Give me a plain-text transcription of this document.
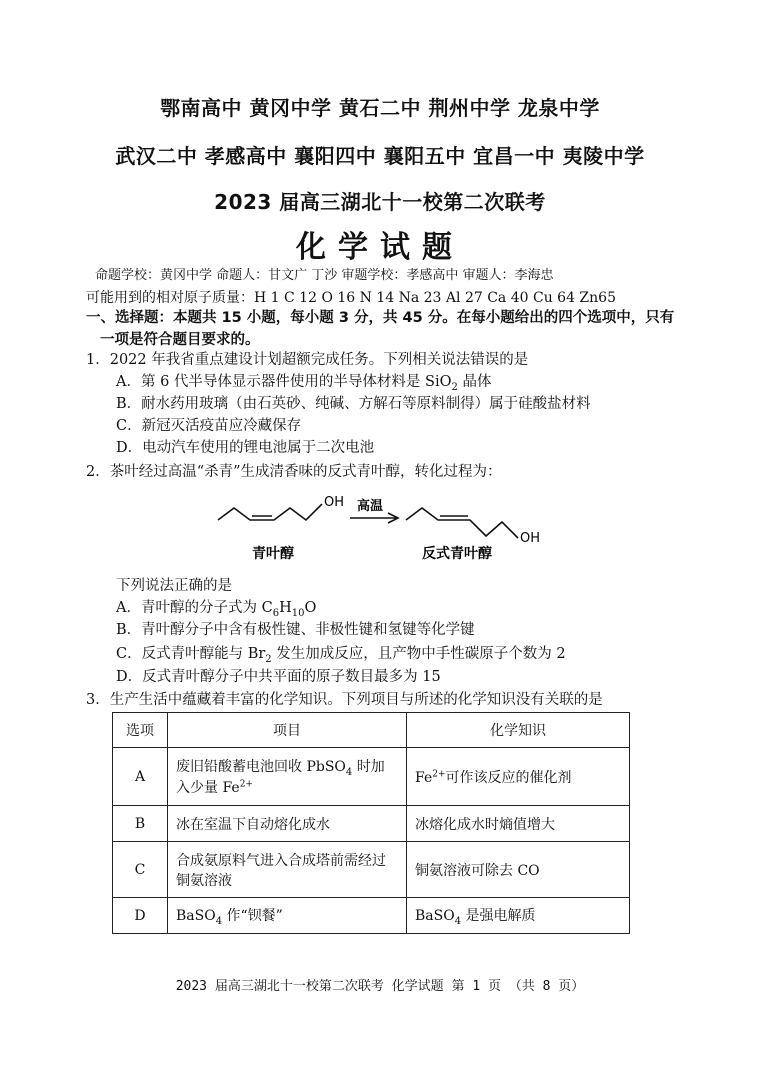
鄂南高中 黄冈中学 黄石二中 荆州中学 龙泉中学
武汉二中 孝感高中 襄阳四中 襄阳五中 宜昌一中 夷陵中学
2023 届高三湖北十一校第二次联考
化学试题
命题学校：黄冈中学 命题人：甘文广 丁沙 审题学校：孝感高中 审题人：李海忠
可能用到的相对原子质量：H 1 C 12 O 16 N 14 Na 23 Al 27 Ca 40 Cu 64 Zn65
一、选择题：本题共 15 小题，每小题 3 分，共 45 分。在每小题给出的四个选项中，只有
一项是符合题目要求的。
1．2022 年我省重点建设计划超额完成任务。下列相关说法错误的是
A．第 6 代半导体显示器件使用的半导体材料是 SiO$_2$ 晶体
B．耐水药用玻璃（由石英砂、纯碱、方解石等原料制得）属于硅酸盐材料
C．新冠灭活疫苗应冷藏保存
D．电动汽车使用的锂电池属于二次电池
2．茶叶经过高温“杀青”生成清香味的反式青叶醇，转化过程为：
OH 高温
OH
青叶醇	反式青叶醇
下列说法正确的是
A．青叶醇的分子式为 $C_6H_{10}O$
B．青叶醇分子中含有极性键、非极性键和氢键等化学键
C．反式青叶醇能与 $Br_2$ 发生加成反应，且产物中手性碳原子个数为 2
D．反式青叶醇分子中共平面的原子数目最多为 15
3．生产生活中蕴藏着丰富的化学知识。下列项目与所述的化学知识没有关联的是
选项	项目	化学知识
A	废旧铅酸蓄电池回收 PbSO$_4$ 时加入少量 $Fe^{2+}$	$Fe^{2+}$可作该反应的催化剂
B	冰在室温下自动熔化成水	冰熔化成水时熵值增大
C	合成氨原料气进入合成塔前需经过铜氨溶液	铜氨溶液可除去 CO
D	BaSO$_4$ 作“钡餐”	BaSO$_4$ 是强电解质
2023 届高三湖北十一校第二次联考 化学试题 第 1 页 （共 8 页）
